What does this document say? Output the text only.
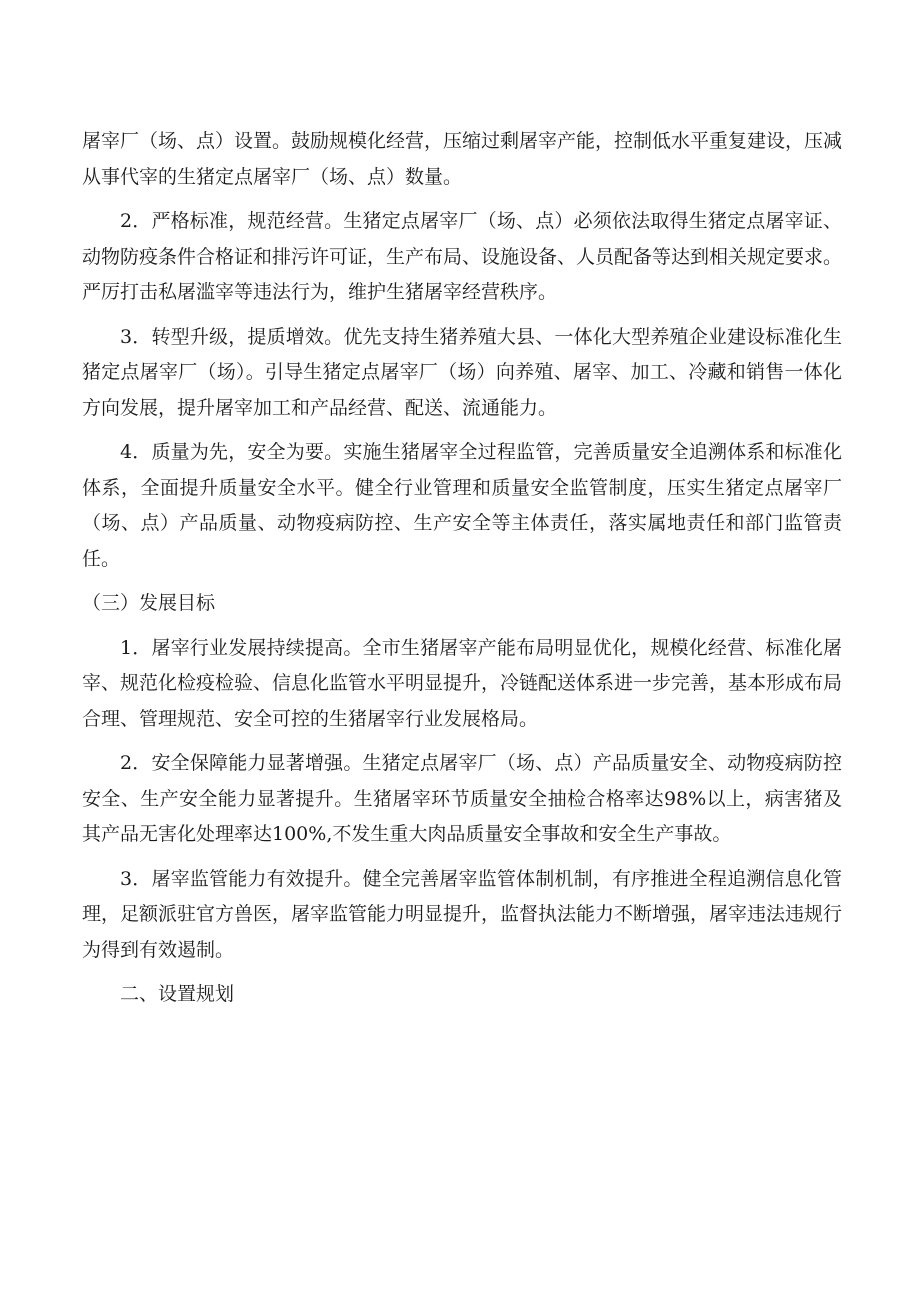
屠宰厂（场、点）设置。鼓励规模化经营，压缩过剩屠宰产能，控制低水平重复建设，压减从事代宰的生猪定点屠宰厂（场、点）数量。

2．严格标准，规范经营。生猪定点屠宰厂（场、点）必须依法取得生猪定点屠宰证、动物防疫条件合格证和排污许可证，生产布局、设施设备、人员配备等达到相关规定要求。严厉打击私屠滥宰等违法行为，维护生猪屠宰经营秩序。

3．转型升级，提质增效。优先支持生猪养殖大县、一体化大型养殖企业建设标准化生猪定点屠宰厂（场）。引导生猪定点屠宰厂（场）向养殖、屠宰、加工、冷藏和销售一体化方向发展，提升屠宰加工和产品经营、配送、流通能力。

4．质量为先，安全为要。实施生猪屠宰全过程监管，完善质量安全追溯体系和标准化体系，全面提升质量安全水平。健全行业管理和质量安全监管制度，压实生猪定点屠宰厂（场、点）产品质量、动物疫病防控、生产安全等主体责任，落实属地责任和部门监管责任。

（三）发展目标

1．屠宰行业发展持续提高。全市生猪屠宰产能布局明显优化，规模化经营、标准化屠宰、规范化检疫检验、信息化监管水平明显提升，冷链配送体系进一步完善，基本形成布局合理、管理规范、安全可控的生猪屠宰行业发展格局。

2．安全保障能力显著增强。生猪定点屠宰厂（场、点）产品质量安全、动物疫病防控安全、生产安全能力显著提升。生猪屠宰环节质量安全抽检合格率达98%以上，病害猪及其产品无害化处理率达100%,不发生重大肉品质量安全事故和安全生产事故。

3．屠宰监管能力有效提升。健全完善屠宰监管体制机制，有序推进全程追溯信息化管理，足额派驻官方兽医，屠宰监管能力明显提升，监督执法能力不断增强，屠宰违法违规行为得到有效遏制。

二、设置规划
